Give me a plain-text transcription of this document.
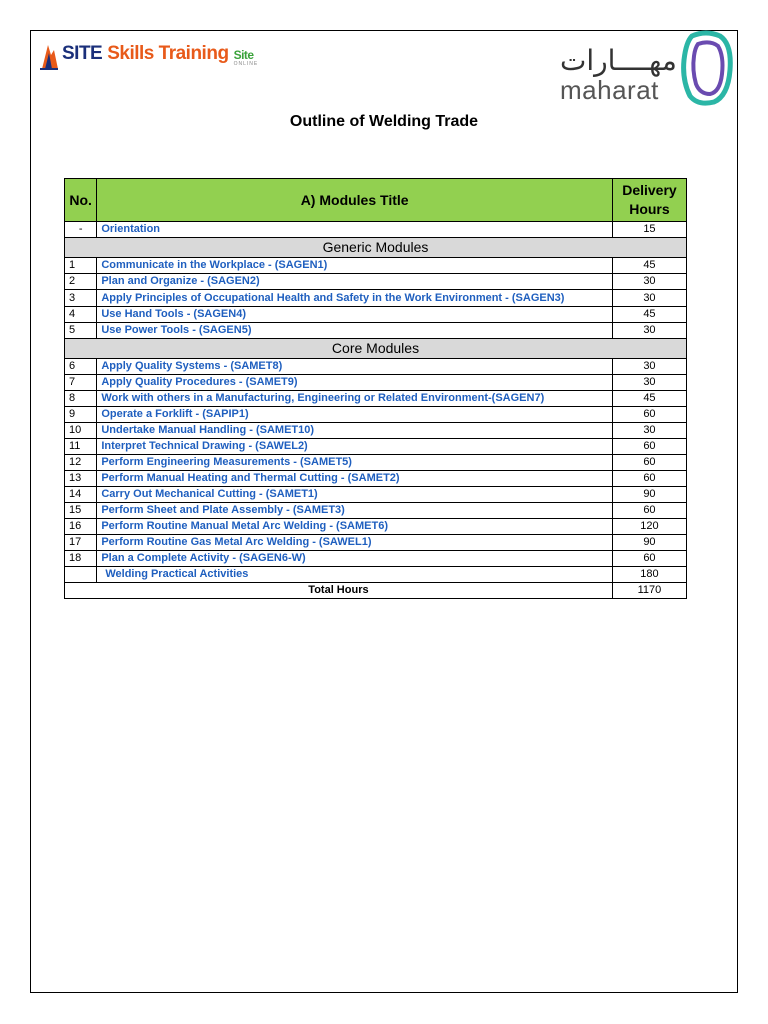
SITE Skills Training Site
ONLINE	مهــــارات
maharat
Outline of Welding Trade
No.	A) Modules Title	Delivery Hours
-	Orientation	15
Generic Modules		
1	Communicate in the Workplace - (SAGEN1)	45
2	Plan and Organize - (SAGEN2)	30
3	Apply Principles of Occupational Health and Safety in the Work Environment - (SAGEN3)	30
4	Use Hand Tools - (SAGEN4)	45
5	Use Power Tools - (SAGEN5)	30
Core Modules		
6	Apply Quality Systems - (SAMET8)	30
7	Apply Quality Procedures - (SAMET9)	30
8	Work with others in a Manufacturing, Engineering or Related Environment-(SAGEN7)	45
9	Operate a Forklift - (SAPIP1)	60
10	Undertake Manual Handling - (SAMET10)	30
11	Interpret Technical Drawing - (SAWEL2)	60
12	Perform Engineering Measurements - (SAMET5)	60
13	Perform Manual Heating and Thermal Cutting - (SAMET2)	60
14	Carry Out Mechanical Cutting - (SAMET1)	90
15	Perform Sheet and Plate Assembly - (SAMET3)	60
16	Perform Routine Manual Metal Arc Welding - (SAMET6)	120
17	Perform Routine Gas Metal Arc Welding - (SAWEL1)	90
18	Plan a Complete Activity - (SAGEN6-W)	60
	Welding Practical Activities	180
Total Hours		1170
